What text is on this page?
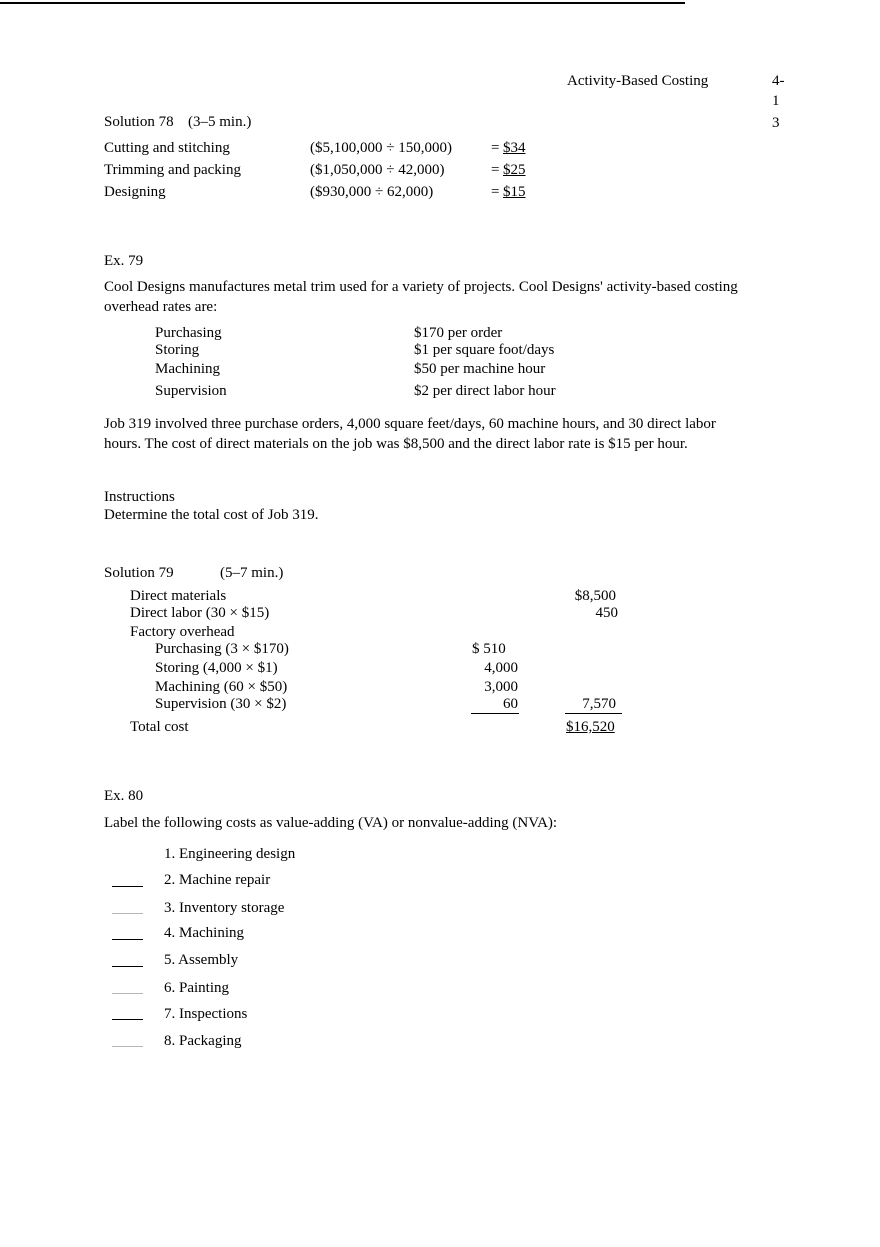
Activity-Based Costing	4-
1
3
Solution 78 (3–5 min.)
Cutting and stitching	($5,100,000 ÷ 150,000)	= $34
Trimming and packing	($1,050,000 ÷ 42,000)	= $25
Designing	($930,000 ÷ 62,000)	= $15
Ex. 79
Cool Designs manufactures metal trim used for a variety of projects. Cool Designs' activity-based costing overhead rates are:
Purchasing	$170 per order
Storing	$1 per square foot/days
Machining	$50 per machine hour
Supervision	$2 per direct labor hour
Job 319 involved three purchase orders, 4,000 square feet/days, 60 machine hours, and 30 direct labor hours. The cost of direct materials on the job was $8,500 and the direct labor rate is $15 per hour.
Instructions
Determine the total cost of Job 319.
Solution 79	(5–7 min.)
Direct materials	$8,500
Direct labor (30 × $15)	450
Factory overhead
Purchasing (3 × $170)	$ 510
Storing (4,000 × $1)	4,000
Machining (60 × $50)	3,000
Supervision (30 × $2)	60	7,570
Total cost	$16,520
Ex. 80
Label the following costs as value-adding (VA) or nonvalue-adding (NVA):
1. Engineering design
2. Machine repair
3. Inventory storage
4. Machining
5. Assembly
6. Painting
7. Inspections
8. Packaging
